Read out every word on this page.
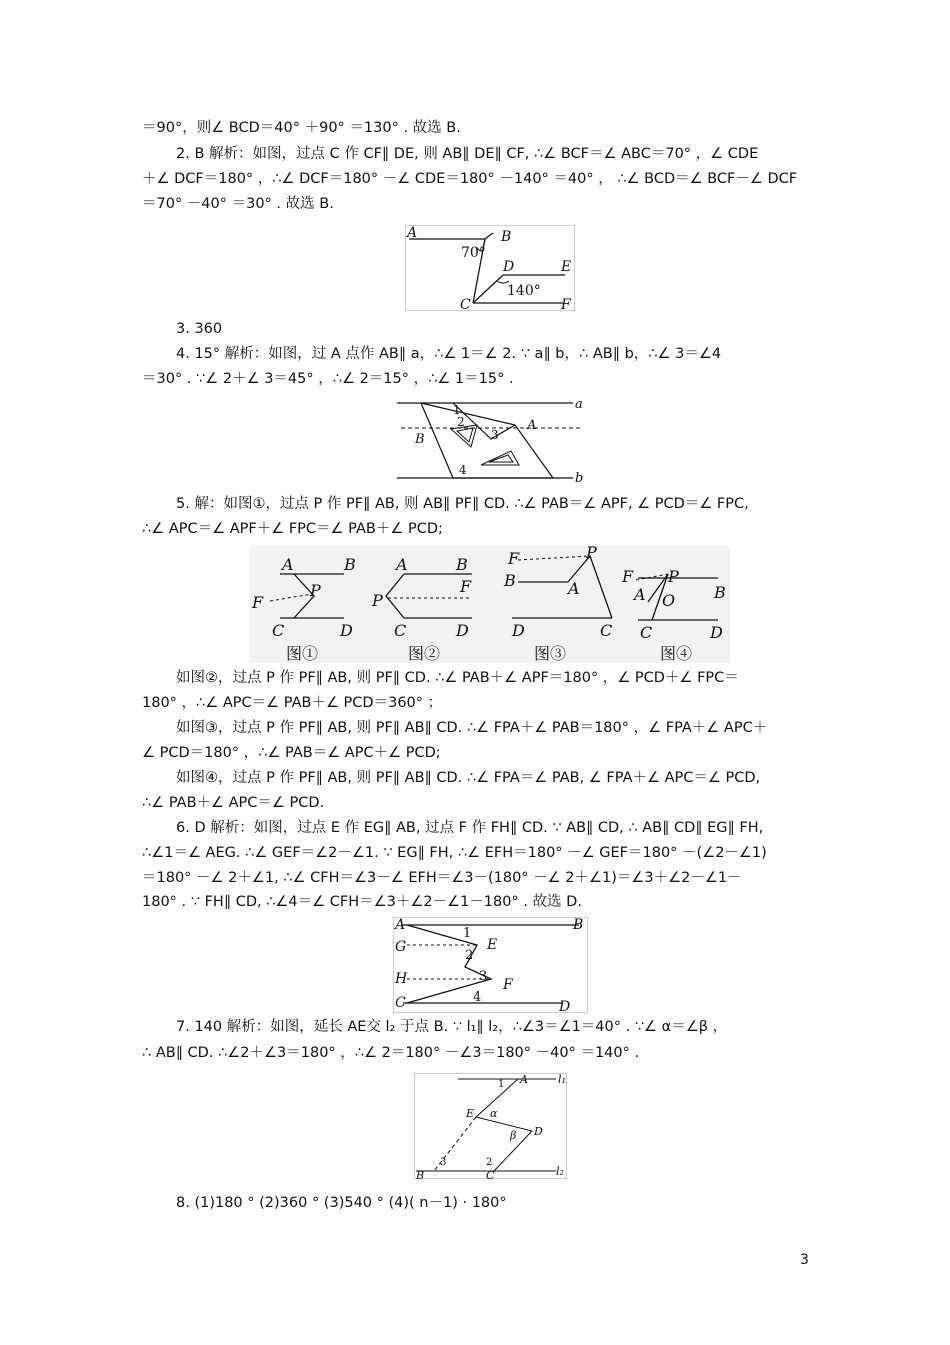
＝90°，则∠ BCD＝40° ＋90° ＝130° . 故选 B.
2. B 解析：如图，过点 C 作 CF∥ DE, 则 AB∥ DE∥ CF, ∴∠ BCF＝∠ ABC＝70° ，∠ CDE
＋∠ DCF＝180° ，∴∠ DCF＝180° －∠ CDE＝180° －140° ＝40° ， ∴∠ BCD＝∠ BCF－∠ DCF
＝70° －40° ＝30° . 故选 B.
A	B
70°
D	E
140°
C	F
3. 360
4. 15° 解析：如图，过 A 点作 AB∥ a，∴∠ 1＝∠ 2. ∵ a∥ b，∴ AB∥ b，∴∠ 3＝∠4
＝30° . ∵∠ 2＋∠ 3＝45° ，∴∠ 2＝15° ，∴∠ 1＝15° .
a
b
A
B
1
2
3
4
5. 解：如图①，过点 P 作 PF∥ AB, 则 AB∥ PF∥ CD. ∴∠ PAB＝∠ APF, ∠ PCD＝∠ FPC,
∴∠ APC＝∠ APF＋∠ FPC＝∠ PAB＋∠ PCD;
A	B
F
P
C	D
图①
A	B
P
F
C	D
图②
F	P
B	A
D	C
图③
F P
A O B
C	D
图④
如图②，过点 P 作 PF∥ AB, 则 PF∥ CD. ∴∠ PAB＋∠ APF＝180° ，∠ PCD＋∠ FPC＝
180° ，∴∠ APC＝∠ PAB＋∠ PCD＝360° ；
如图③，过点 P 作 PF∥ AB, 则 PF∥ AB∥ CD. ∴∠ FPA＋∠ PAB＝180° ，∠ FPA＋∠ APC＋
∠ PCD＝180° ，∴∠ PAB＝∠ APC＋∠ PCD;
如图④，过点 P 作 PF∥ AB, 则 PF∥ AB∥ CD. ∴∠ FPA＝∠ PAB, ∠ FPA＋∠ APC＝∠ PCD,
∴∠ PAB＋∠ APC＝∠ PCD.
6. D 解析：如图，过点 E 作 EG∥ AB, 过点 F 作 FH∥ CD. ∵ AB∥ CD, ∴ AB∥ CD∥ EG∥ FH,
∴∠1＝∠ AEG. ∴∠ GEF＝∠2－∠1. ∵ EG∥ FH, ∴∠ EFH＝180° －∠ GEF＝180° －(∠2－∠1)
＝180° －∠ 2＋∠1, ∴∠ CFH＝∠3－∠ EFH＝∠3－(180° －∠ 2＋∠1)＝∠3＋∠2－∠1－
180° . ∵ FH∥ CD, ∴∠4＝∠ CFH＝∠3＋∠2－∠1－180° . 故选 D.
A	B
G	E
H	F
C	D
1
2
3
4
7. 140 解析：如图，延长 AE交 l₂ 于点 B. ∵ l₁∥ l₂，∴∠3＝∠1＝40° . ∵∠ α＝∠β ，
∴ AB∥ CD. ∴∠2＋∠3＝180° ，∴∠ 2＝180° －∠3＝180° －40° ＝140° .
A	l₁
1
E α
D
β
B	C	l₂
2
3
8. (1)180 ° (2)360 ° (3)540 ° (4)( n－1) · 180°
3
